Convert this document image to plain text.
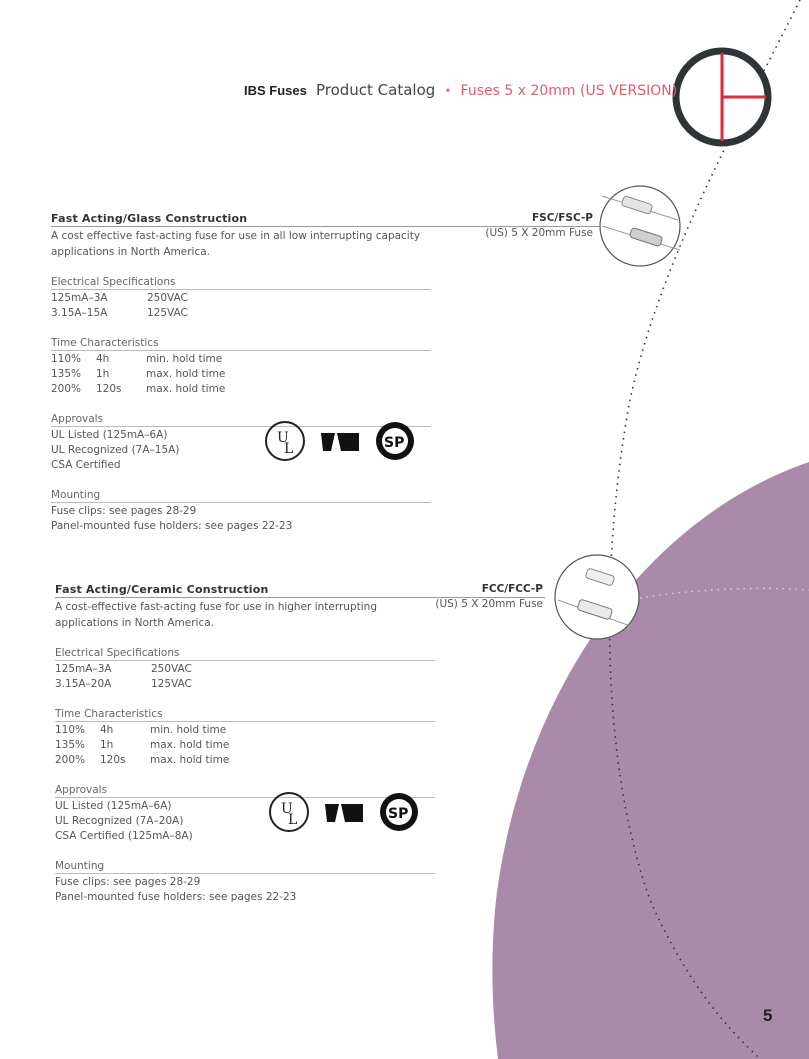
IBS Fuses Product Catalog • Fuses 5 x 20mm (US VERSION)
Fast Acting/Glass Construction	FSC/FSC-P
(US) 5 X 20mm Fuse
A cost effective fast-acting fuse for use in all low interrupting capacity applications in North America.
Electrical Specifications
125mA–3A	250VAC
3.15A–15A	125VAC
Time Characteristics
110% 4h	min. hold time
135% 1h	max. hold time
200% 120s max. hold time
Approvals
UL Listed (125mA–6A)
UL Recognized (7A–15A)
CSA Certified
U
L	SP
Mounting
Fuse clips: see pages 28-29
Panel-mounted fuse holders: see pages 22-23
Fast Acting/Ceramic Construction	FCC/FCC-P
(US) 5 X 20mm Fuse
A cost-effective fast-acting fuse for use in higher interrupting applications in North America.
Electrical Specifications
125mA–3A	250VAC
3.15A–20A	125VAC
Time Characteristics
110% 4h	min. hold time
135% 1h	max. hold time
200% 120s max. hold time
Approvals
UL Listed (125mA–6A)
UL Recognized (7A–20A)
CSA Certified (125mA–8A)
U
L	SP
Mounting
Fuse clips: see pages 28-29
Panel-mounted fuse holders: see pages 22-23
5
